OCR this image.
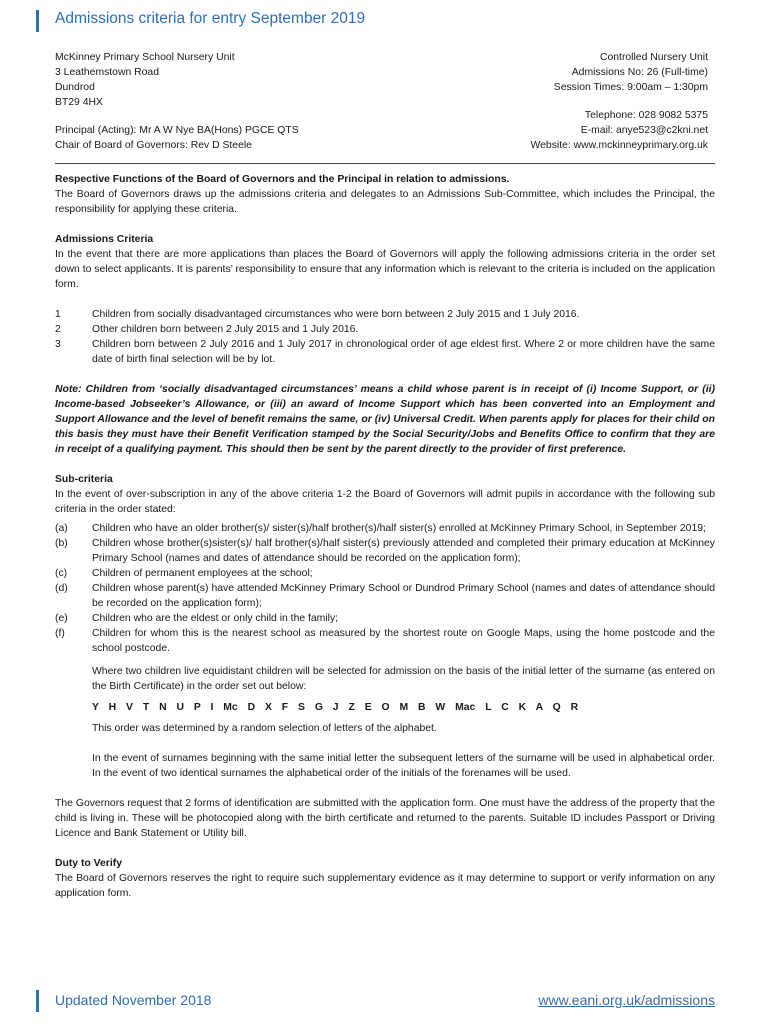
Admissions criteria for entry September 2019
McKinney Primary School Nursery Unit
3 Leathemstown Road
Dundrod
BT29 4HX
Controlled Nursery Unit
Admissions No: 26 (Full-time)
Session Times: 9:00am – 1:30pm
Principal (Acting): Mr A W Nye BA(Hons) PGCE QTS
Chair of Board of Governors: Rev D Steele
Telephone: 028 9082 5375
E-mail: anye523@c2kni.net
Website: www.mckinneyprimary.org.uk

Respective Functions of the Board of Governors and the Principal in relation to admissions.

The Board of Governors draws up the admissions criteria and delegates to an Admissions Sub-Committee, which includes the Principal, the responsibility for applying these criteria.

Admissions Criteria

In the event that there are more applications than places the Board of Governors will apply the following admissions criteria in the order set down to select applicants. It is parents’ responsibility to ensure that any information which is relevant to the criteria is included on the application form.

1	Children from socially disadvantaged circumstances who were born between 2 July 2015 and 1 July 2016.
2	Other children born between 2 July 2015 and 1 July 2016.
3	Children born between 2 July 2016 and 1 July 2017 in chronological order of age eldest first. Where 2 or more children have the same date of birth final selection will be by lot.

Note: Children from ‘socially disadvantaged circumstances’ means a child whose parent is in receipt of (i) Income Support, or (ii) Income-based Jobseeker’s Allowance, or (iii) an award of Income Support which has been converted into an Employment and Support Allowance and the level of benefit remains the same, or (iv) Universal Credit. When parents apply for places for their child on this basis they must have their Benefit Verification stamped by the Social Security/Jobs and Benefits Office to confirm that they are in receipt of a qualifying payment. This should then be sent by the parent directly to the provider of first preference.

Sub-criteria

In the event of over-subscription in any of the above criteria 1-2 the Board of Governors will admit pupils in accordance with the following sub criteria in the order stated:

(a)	Children who have an older brother(s)/ sister(s)/half brother(s)/half sister(s) enrolled at McKinney Primary School, in September 2019;
(b)	Children whose brother(s)sister(s)/ half brother(s)/half sister(s) previously attended and completed their primary education at McKinney Primary School (names and dates of attendance should be recorded on the application form);
(c)	Children of permanent employees at the school;
(d)	Children whose parent(s) have attended McKinney Primary School or Dundrod Primary School (names and dates of attendance should be recorded on the application form);
(e)	Children who are the eldest or only child in the family;
(f)	Children for whom this is the nearest school as measured by the shortest route on Google Maps, using the home postcode and the school postcode.

Where two children live equidistant children will be selected for admission on the basis of the initial letter of the surname (as entered on the Birth Certificate) in the order set out below:

Y H V T N U P I Mc D X F S G J Z E O M B W Mac L C K A Q R

This order was determined by a random selection of letters of the alphabet.

In the event of surnames beginning with the same initial letter the subsequent letters of the surname will be used in alphabetical order. In the event of two identical surnames the alphabetical order of the initials of the forenames will be used.

The Governors request that 2 forms of identification are submitted with the application form. One must have the address of the property that the child is living in. These will be photocopied along with the birth certificate and returned to the parents. Suitable ID includes Passport or Driving Licence and Bank Statement or Utility bill.

Duty to Verify

The Board of Governors reserves the right to require such supplementary evidence as it may determine to support or verify information on any application form.

Updated November 2018	www.eani.org.uk/admissions
